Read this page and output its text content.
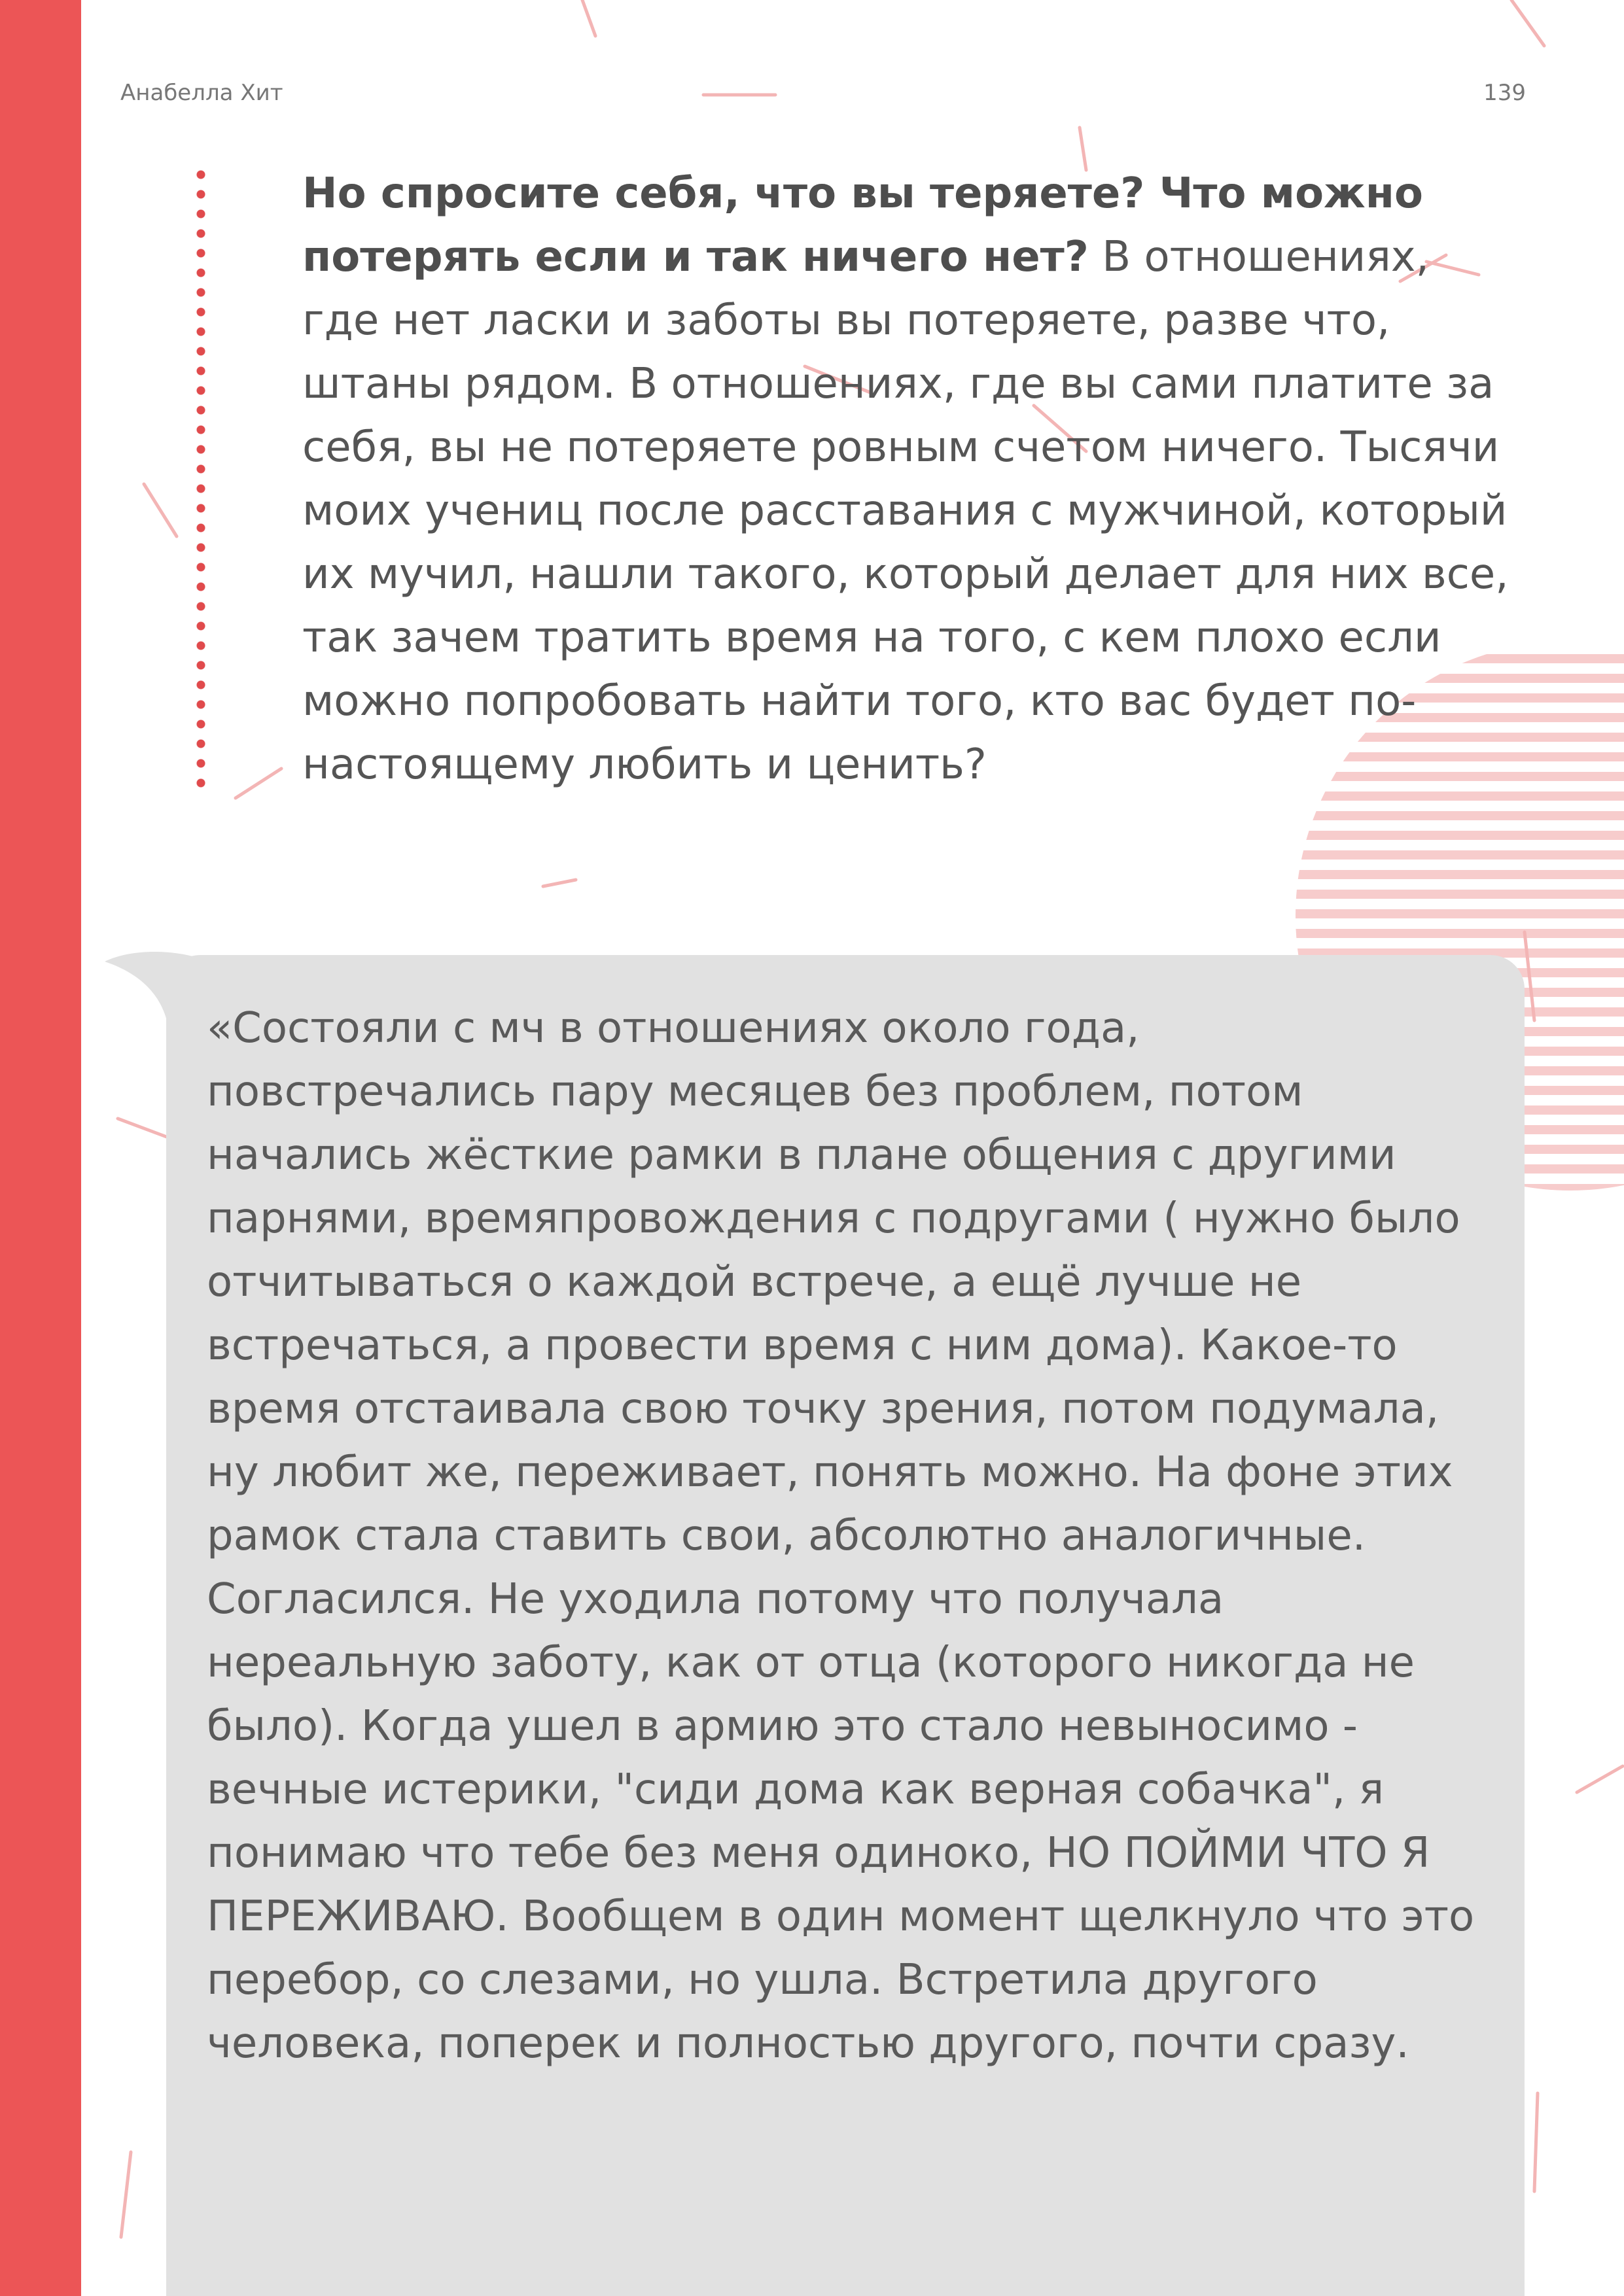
Анабелла Хит	139
Но спросите себя, что вы теряете? Что можно потерять если и так ничего нет? В отношениях, где нет ласки и заботы вы потеряете, разве что, штаны рядом. В отношениях, где вы сами платите за себя, вы не потеряете ровным счетом ничего. Тысячи моих учениц после расставания с мужчиной, который их мучил, нашли такого, который делает для них все, так зачем тратить время на того, с кем плохо если можно попробовать найти того, кто вас будет по-настоящему любить и ценить?
«Состояли с мч в отношениях около года, повстречались пару месяцев без проблем, потом начались жёсткие рамки в плане общения с другими парнями, времяпровождения с подругами ( нужно было отчитываться о каждой встрече, а ещё лучше не встречаться, а провести время с ним дома). Какое-то время отстаивала свою точку зрения, потом подумала, ну любит же, переживает, понять можно. На фоне этих рамок стала ставить свои, абсолютно аналогичные. Согласился. Не уходила потому что получала нереальную заботу, как от отца (которого никогда не было). Когда ушел в армию это стало невыносимо - вечные истерики, "сиди дома как верная собачка", я понимаю что тебе без меня одиноко, НО ПОЙМИ ЧТО Я ПЕРЕЖИВАЮ. Вообщем в один момент щелкнуло что это перебор, со слезами, но ушла. Встретила другого человека, поперек и полностью другого, почти сразу.
